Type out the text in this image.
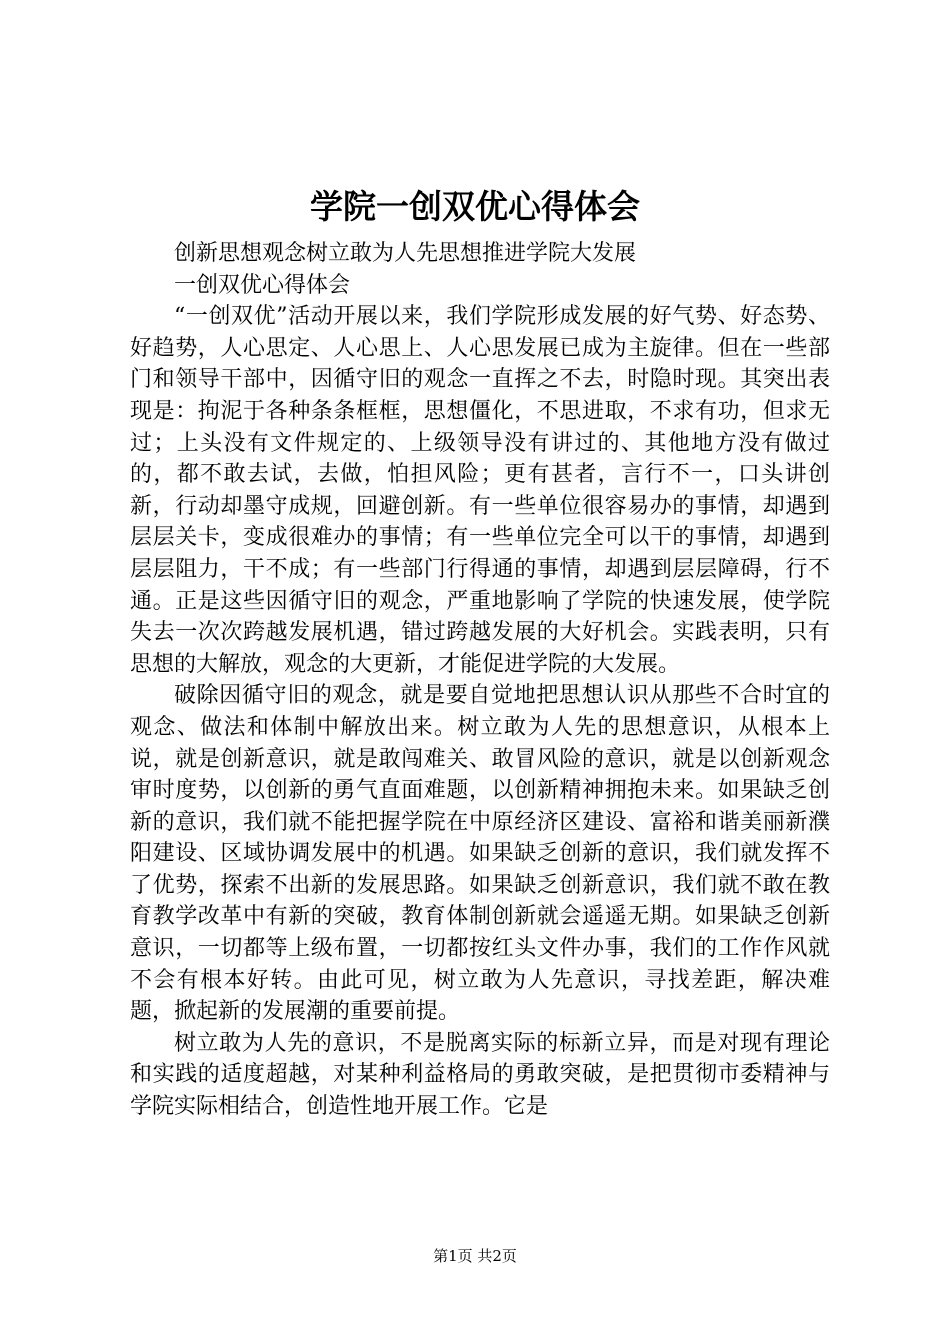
学院一创双优心得体会

创新思想观念树立敢为人先思想推进学院大发展

一创双优心得体会

“一创双优”活动开展以来，我们学院形成发展的好气势、好态势、好趋势，人心思定、人心思上、人心思发展已成为主旋律。但在一些部门和领导干部中，因循守旧的观念一直挥之不去，时隐时现。其突出表现是：拘泥于各种条条框框，思想僵化，不思进取，不求有功，但求无过；上头没有文件规定的、上级领导没有讲过的、其他地方没有做过的，都不敢去试，去做，怕担风险；更有甚者，言行不一，口头讲创新，行动却墨守成规，回避创新。有一些单位很容易办的事情，却遇到层层关卡，变成很难办的事情；有一些单位完全可以干的事情，却遇到层层阻力，干不成；有一些部门行得通的事情，却遇到层层障碍，行不通。正是这些因循守旧的观念，严重地影响了学院的快速发展，使学院失去一次次跨越发展机遇，错过跨越发展的大好机会。实践表明，只有思想的大解放，观念的大更新，才能促进学院的大发展。

破除因循守旧的观念，就是要自觉地把思想认识从那些不合时宜的观念、做法和体制中解放出来。树立敢为人先的思想意识，从根本上说，就是创新意识，就是敢闯难关、敢冒风险的意识，就是以创新观念审时度势，以创新的勇气直面难题，以创新精神拥抱未来。如果缺乏创新的意识，我们就不能把握学院在中原经济区建设、富裕和谐美丽新濮阳建设、区域协调发展中的机遇。如果缺乏创新的意识，我们就发挥不了优势，探索不出新的发展思路。如果缺乏创新意识，我们就不敢在教育教学改革中有新的突破，教育体制创新就会遥遥无期。如果缺乏创新意识，一切都等上级布置，一切都按红头文件办事，我们的工作作风就不会有根本好转。由此可见，树立敢为人先意识，寻找差距，解决难题，掀起新的发展潮的重要前提。

树立敢为人先的意识，不是脱离实际的标新立异，而是对现有理论和实践的适度超越，对某种利益格局的勇敢突破，是把贯彻市委精神与学院实际相结合，创造性地开展工作。它是

第1页 共2页
